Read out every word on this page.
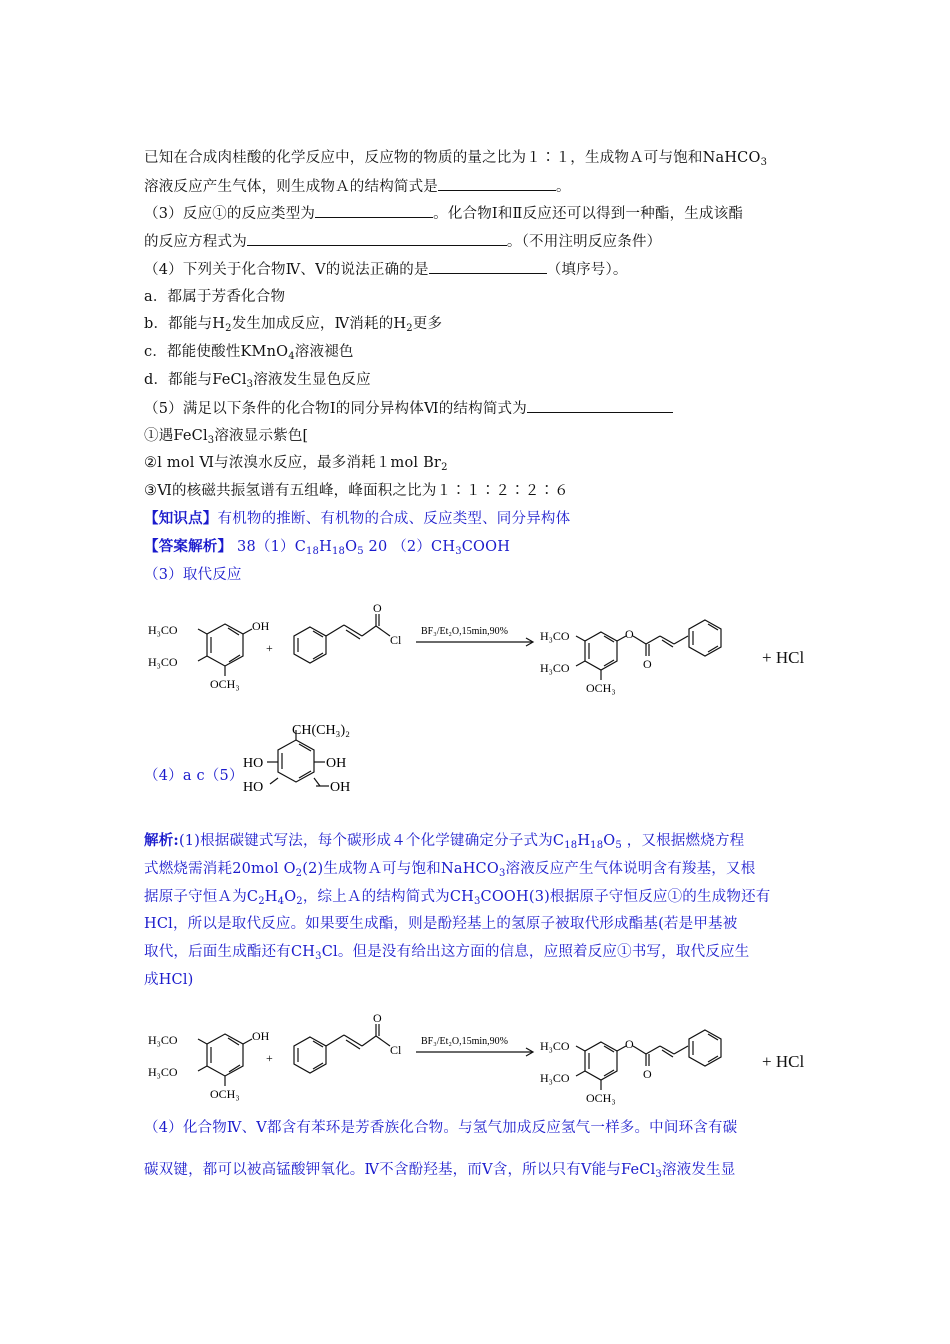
已知在合成肉桂酸的化学反应中，反应物的物质的量之比为１∶１，生成物Ａ可与饱和NaHCO$_3$
溶液反应产生气体，则生成物Ａ的结构简式是	。
（3）反应①的反应类型为	。化合物Ⅰ和Ⅱ反应还可以得到一种酯，生成该酯
的反应方程式为	。（不用注明反应条件）
（4）下列关于化合物Ⅳ、Ⅴ的说法正确的是	（填序号）。
a．都属于芳香化合物
b．都能与$H_2$发生加成反应，Ⅳ消耗的$H_2$更多
c．都能使酸性KMnO$_4$溶液褪色
d．都能与FeCl$_3$溶液发生显色反应
（5）满足以下条件的化合物Ⅰ的同分异构体Ⅵ的结构简式为
①遇FeCl$_3$溶液显示紫色[
②l mol Ⅵ与浓溴水反应，最多消耗１mol $Br_2$
③Ⅵ的核磁共振氢谱有五组峰，峰面积之比为１∶１∶２∶２∶６
【知识点】有机物的推断、有机物的合成、反应类型、同分异构体
【答案解析】 $38(1)C_{18}H_{18}O_5$ 20 $(2)CH_3COOH$
（3）取代反应
H₃CO
H₃CO
OH
OCH₃
+
O
Cl
BF₃/Et₂O,15min,90%	H₃CO
H₃CO
O
O
OCH₃
+ HCl
（4）a c（5）
CH(CH₃)₂
HO
HO
OH
OH
解析:(1)根据碳键式写法，每个碳形成４个化学键确定分子式为$C_{18}H_{18}O_5$ ，又根据燃烧方程
式燃烧需消耗20mol $O_2(2)$生成物Ａ可与饱和NaHCO$_3$溶液反应产生气体说明含有羧基，又根
据原子守恒Ａ为$C_2H_4O_2$，综上Ａ的结构简式为$CH_3COOH(3)$根据原子守恒反应①的生成物还有
HCl，所以是取代反应。如果要生成酯，则是酚羟基上的氢原子被取代形成酯基(若是甲基被
取代，后面生成酯还有$CH_3Cl$。但是没有给出这方面的信息，应照着反应①书写，取代反应生
成HCl)
H₃CO
H₃CO
OH
OCH₃
+
O
Cl
BF₃/Et₂O,15min,90%	H₃CO
H₃CO
O
O
OCH₃
+ HCl
（4）化合物Ⅳ、Ⅴ都含有苯环是芳香族化合物。与氢气加成反应氢气一样多。中间环含有碳
碳双键，都可以被高锰酸钾氧化。Ⅳ不含酚羟基，而Ⅴ含，所以只有Ⅴ能与FeCl$_3$溶液发生显
